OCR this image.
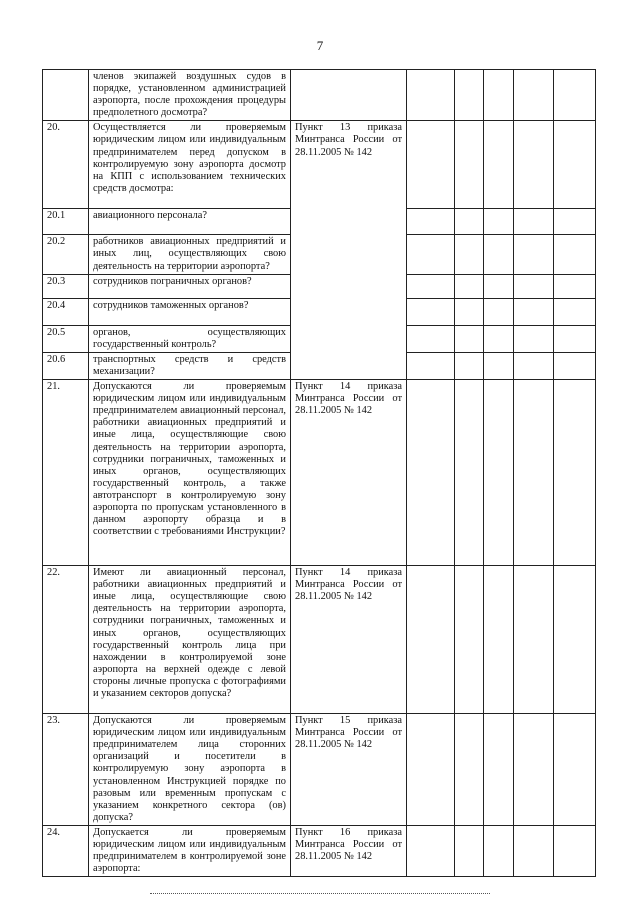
7
	членов экипажей воздушных судов в порядке, установленном администрацией аэропорта, после прохождения процедуры предполетного досмотра?						
20.	Осуществляется ли проверяемым юридическим лицом или индивидуальным предпринимателем перед допуском в контролируемую зону аэропорта досмотр на КПП с использованием технических средств досмотра:	Пункт 13 приказа Минтранса России от 28.11.2005 № 142					
20.1	авиационного персонала?						
20.2	работников авиационных предприятий и иных лиц, осуществляющих свою деятельность на территории аэропорта?						
20.3	сотрудников пограничных органов?						
20.4	сотрудников таможенных органов?						
20.5	органов, осуществляющих государственный контроль?						
20.6	транспортных средств и средств механизации?						
21.	Допускаются ли проверяемым юридическим лицом или индивидуальным предпринимателем авиационный персонал, работники авиационных предприятий и иные лица, осуществляющие свою деятельность на территории аэропорта, сотрудники пограничных, таможенных и иных органов, осуществляющих государственный контроль, а также автотранспорт в контролируемую зону аэропорта по пропускам установленного в данном аэропорту образца и в соответствии с требованиями Инструкции?	Пункт 14 приказа Минтранса России от 28.11.2005 № 142					
22.	Имеют ли авиационный персонал, работники авиационных предприятий и иные лица, осуществляющие свою деятельность на территории аэропорта, сотрудники пограничных, таможенных и иных органов, осуществляющих государственный контроль лица при нахождении в контролируемой зоне аэропорта на верхней одежде с левой стороны личные пропуска с фотографиями и указанием секторов допуска?	Пункт 14 приказа Минтранса России от 28.11.2005 № 142					
23.	Допускаются ли проверяемым юридическим лицом или индивидуальным предпринимателем лица сторонних организаций и посетители в контролируемую зону аэропорта в установленном Инструкцией порядке по разовым или временным пропускам с указанием конкретного сектора (ов) допуска?	Пункт 15 приказа Минтранса России от 28.11.2005 № 142					
24.	Допускается ли проверяемым юридическим лицом или индивидуальным предпринимателем в контролируемой зоне аэропорта:	Пункт 16 приказа Минтранса России от 28.11.2005 № 142					
